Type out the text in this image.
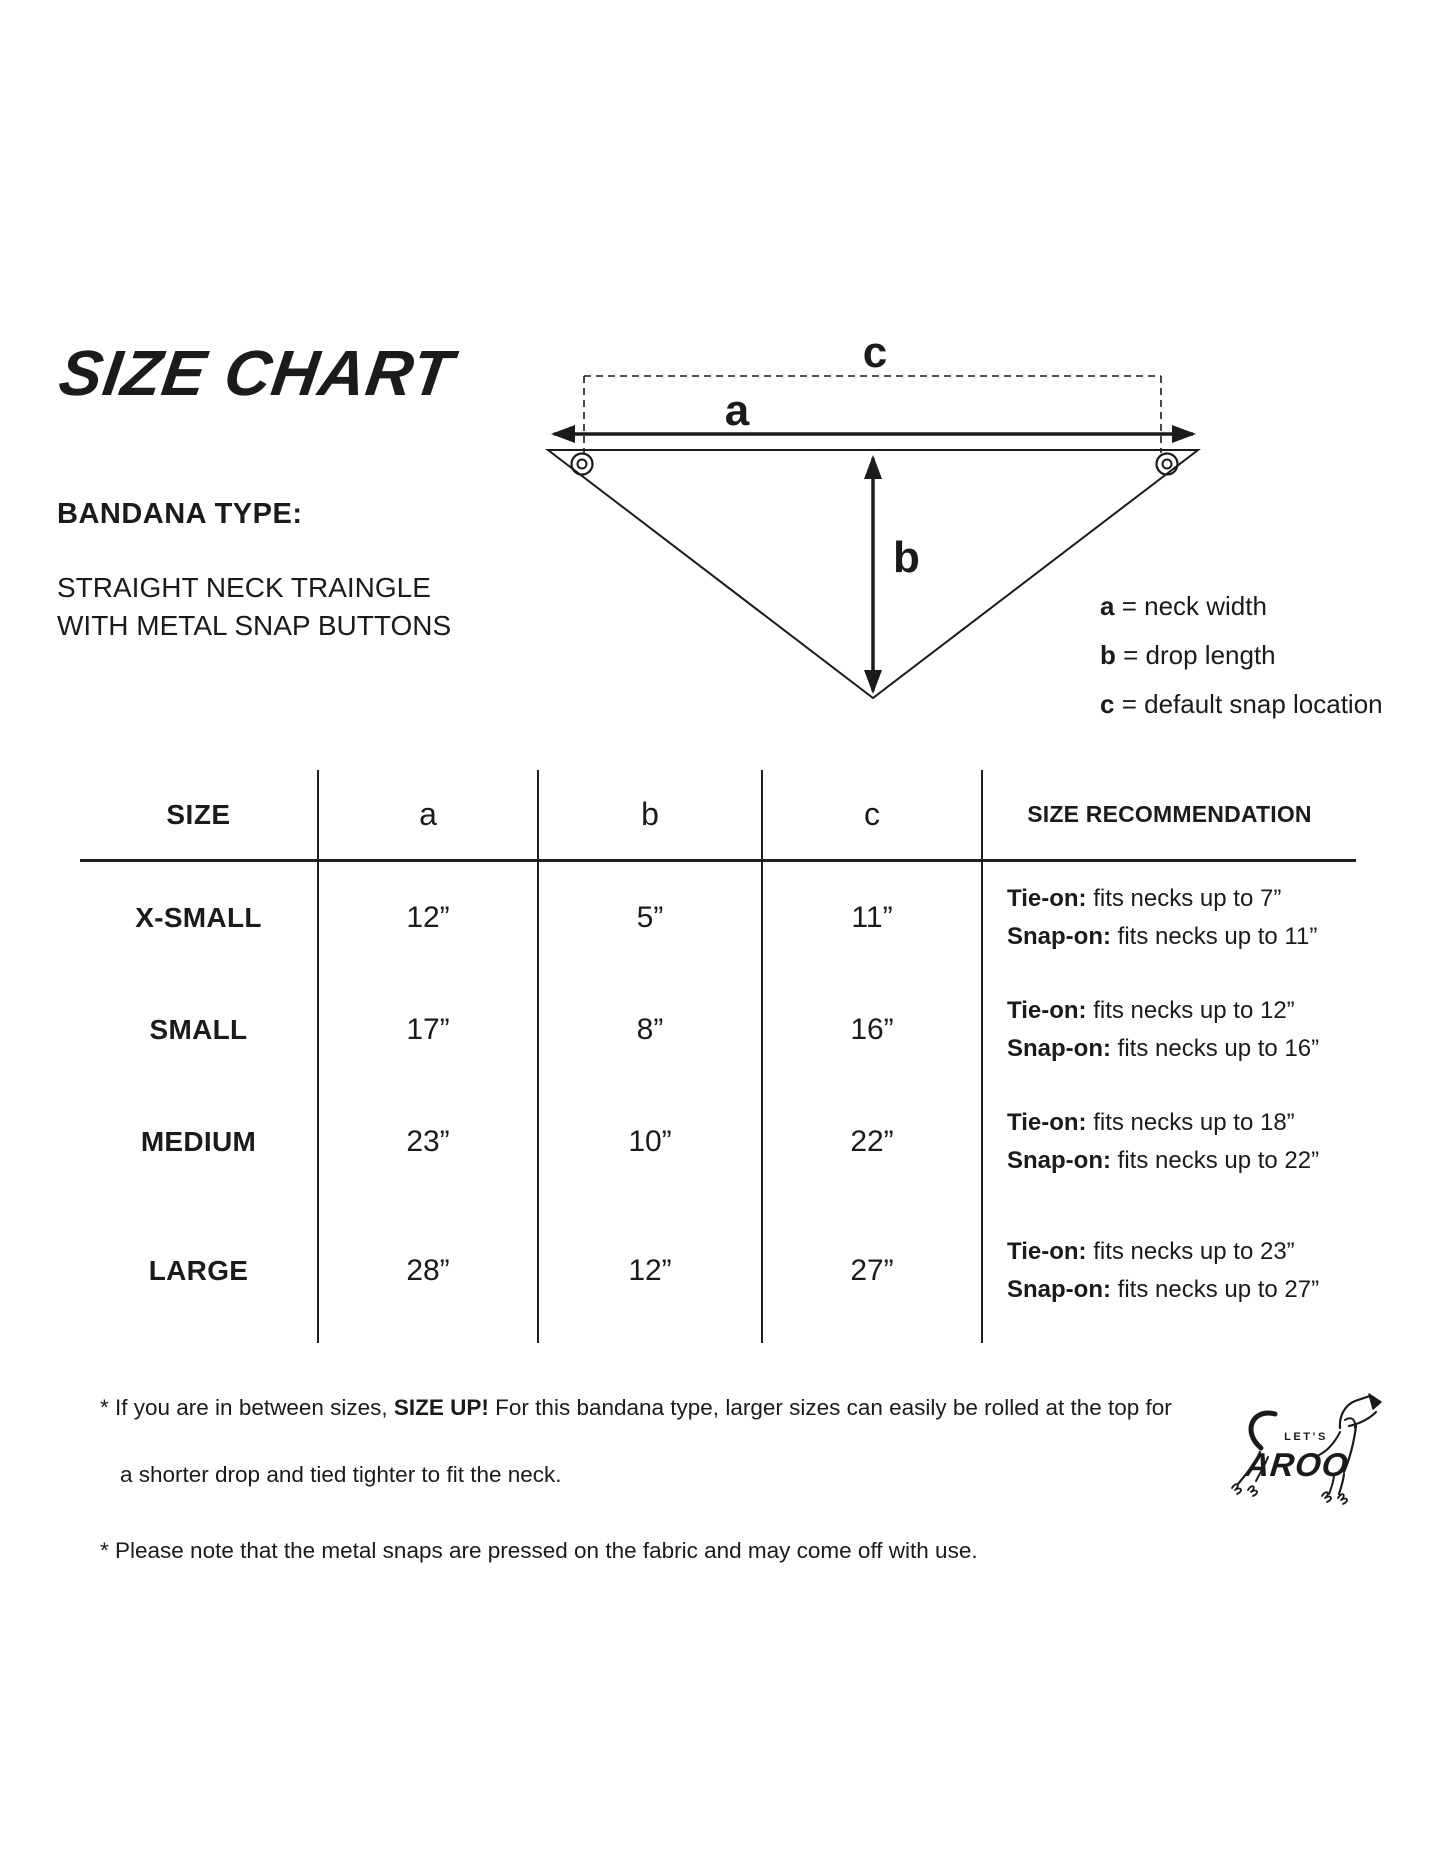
SIZE CHART
BANDANA TYPE:
STRAIGHT NECK TRAINGLE
WITH METAL SNAP BUTTONS
c
a
b
a = neck width
b = drop length
c = default snap location
SIZE	a	b	c	SIZE RECOMMENDATION
X-SMALL	12”	5”	11”
Tie-on: fits necks up to 7”
Snap-on: fits necks up to 11”
SMALL	17”	8”	16”
Tie-on: fits necks up to 12”
Snap-on: fits necks up to 16”
MEDIUM	23”	10”	22”
Tie-on: fits necks up to 18”
Snap-on: fits necks up to 22”
LARGE	28”	12”	27”
Tie-on: fits necks up to 23”
Snap-on: fits necks up to 27”
* If you are in between sizes, SIZE UP! For this bandana type, larger sizes can easily be rolled at the top for
a shorter drop and tied tighter to fit the neck.
* Please note that the metal snaps are pressed on the fabric and may come off with use.
LET’S
AROO
